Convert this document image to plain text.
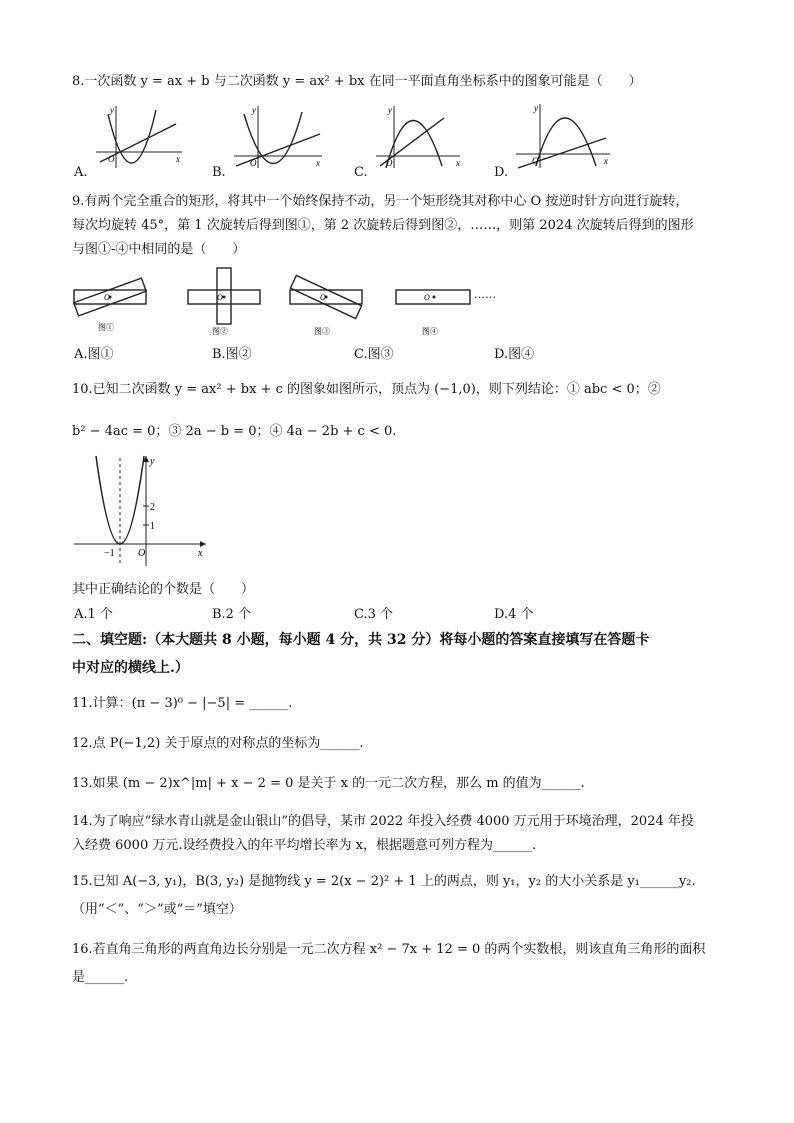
8.一次函数 y = ax + b 与二次函数 y = ax² + bx 在同一平面直角坐标系中的图象可能是（　　）
x
y
O
A.
x
y
O
B.
x
y
O
C.
x
y
O
D.
9.有两个完全重合的矩形，将其中一个始终保持不动，另一个矩形绕其对称中心 O 按逆时针方向进行旋转，
每次均旋转 45°，第 1 次旋转后得到图①，第 2 次旋转后得到图②，……，则第 2024 次旋转后得到的图形
与图①-④中相同的是（　　）
O
图①
O
图②
O
图③
O
图④
……
A.图①	B.图②	C.图③	D.图④
10.已知二次函数 y = ax² + bx + c 的图象如图所示，顶点为 (−1,0)，则下列结论：① abc < 0；②
b² − 4ac = 0；③ 2a − b = 0；④ 4a − 2b + c < 0.
y
x
O
2
1
−1
其中正确结论的个数是（　　）
A.1 个	B.2 个	C.3 个	D.4 个
二、填空题:（本大题共 8 小题，每小题 4 分，共 32 分）将每小题的答案直接填写在答题卡
中对应的横线上.）
11.计算：(π − 3)⁰ − |−5| = ______.
12.点 P(−1,2) 关于原点的对称点的坐标为______.
13.如果 (m − 2)x^|m| + x − 2 = 0 是关于 x 的一元二次方程，那么 m 的值为______.
14.为了响应“绿水青山就是金山银山”的倡导，某市 2022 年投入经费 4000 万元用于环境治理，2024 年投
入经费 6000 万元.设经费投入的年平均增长率为 x，根据题意可列方程为______.
15.已知 A(−3, y₁)，B(3, y₂) 是抛物线 y = 2(x − 2)² + 1 上的两点，则 y₁，y₂ 的大小关系是 y₁______y₂.
（用“＜”、“＞”或“＝”填空）
16.若直角三角形的两直角边长分别是一元二次方程 x² − 7x + 12 = 0 的两个实数根，则该直角三角形的面积
是______.
